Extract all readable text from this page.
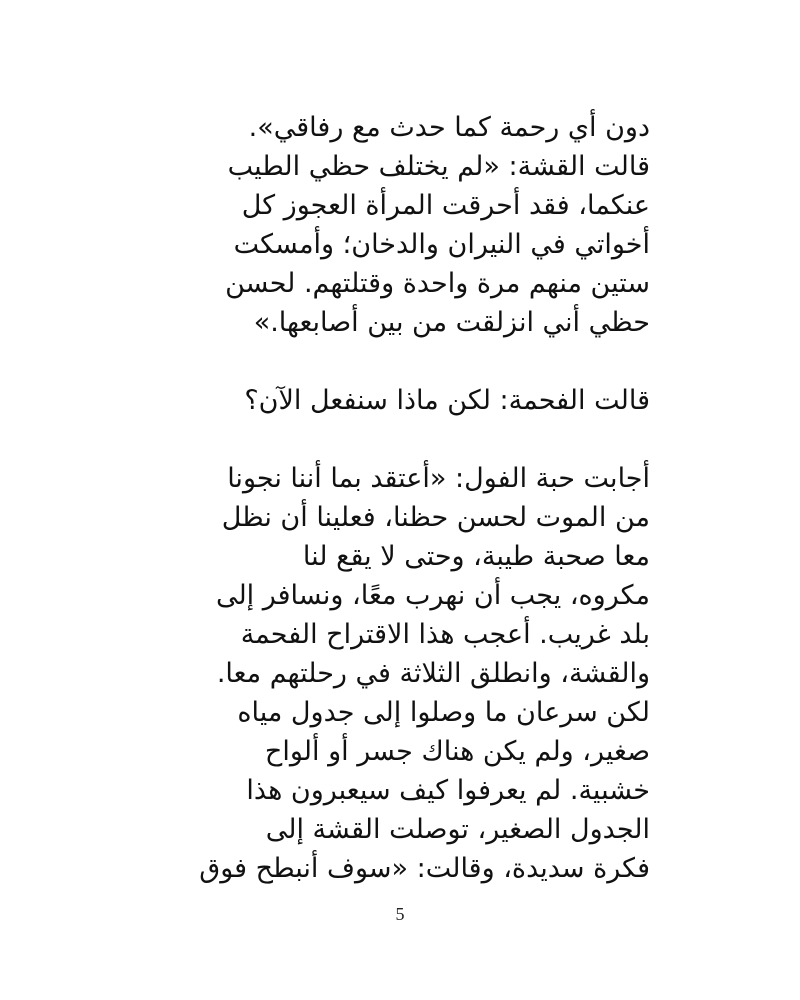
دون أي رحمة كما حدث مع رفاقي».
قالت القشة: «لم يختلف حظي الطيب
عنكما، فقد أحرقت المرأة العجوز كل
أخواتي في النيران والدخان؛ وأمسكت
ستين منهم مرة واحدة وقتلتهم. لحسن
حظي أني انزلقت من بين أصابعها.»

قالت الفحمة: لكن ماذا سنفعل الآن؟

أجابت حبة الفول: «أعتقد بما أننا نجونا
من الموت لحسن حظنا، فعلينا أن نظل
معا صحبة طيبة، وحتى لا يقع لنا
مكروه، يجب أن نهرب معًا، ونسافر إلى
بلد غريب. أعجب هذا الاقتراح الفحمة
والقشة، وانطلق الثلاثة في رحلتهم معا.
لكن سرعان ما وصلوا إلى جدول مياه
صغير، ولم يكن هناك جسر أو ألواح
خشبية. لم يعرفوا كيف سيعبرون هذا
الجدول الصغير، توصلت القشة إلى
فكرة سديدة، وقالت: «سوف أنبطح فوق

5
